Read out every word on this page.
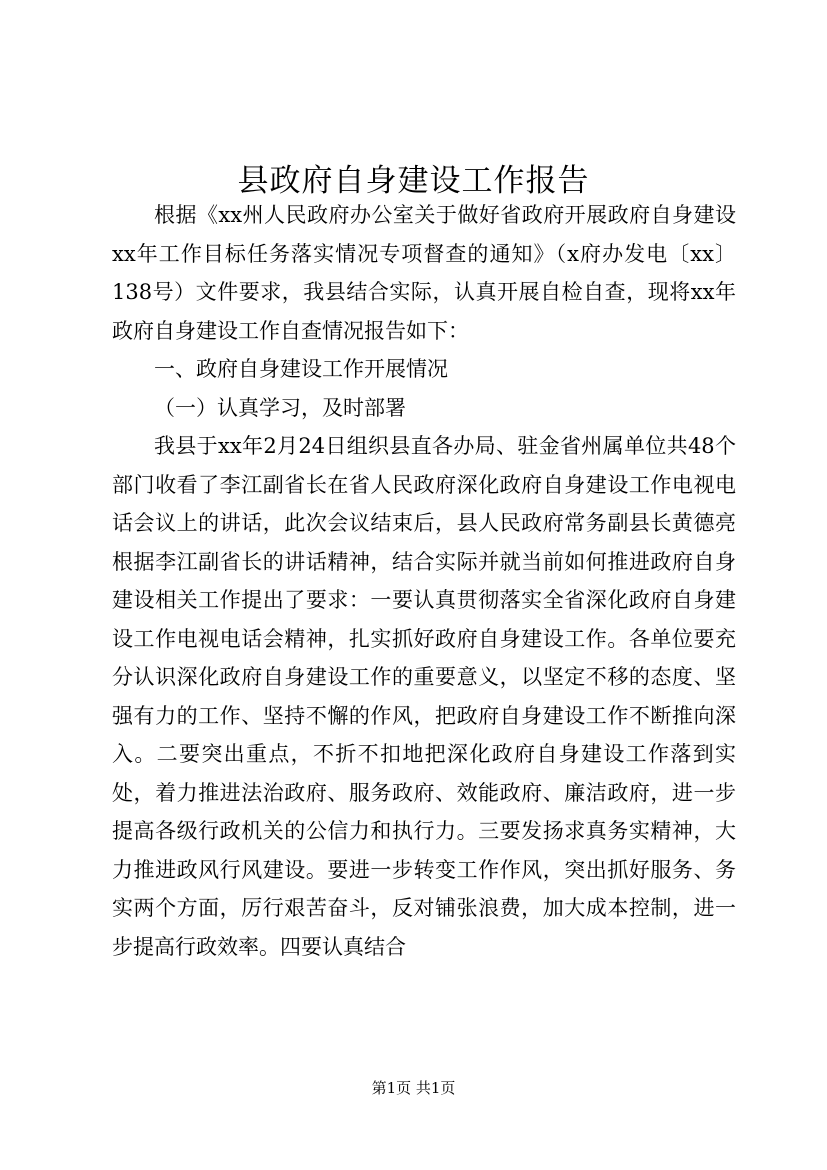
县政府自身建设工作报告

根据《xx州人民政府办公室关于做好省政府开展政府自身建设xx年工作目标任务落实情况专项督查的通知》（x府办发电〔xx〕138号）文件要求，我县结合实际，认真开展自检自查，现将xx年政府自身建设工作自查情况报告如下：

一、政府自身建设工作开展情况

（一）认真学习，及时部署

我县于xx年2月24日组织县直各办局、驻金省州属单位共48个部门收看了李江副省长在省人民政府深化政府自身建设工作电视电话会议上的讲话，此次会议结束后，县人民政府常务副县长黄德亮根据李江副省长的讲话精神，结合实际并就当前如何推进政府自身建设相关工作提出了要求：一要认真贯彻落实全省深化政府自身建设工作电视电话会精神，扎实抓好政府自身建设工作。各单位要充分认识深化政府自身建设工作的重要意义，以坚定不移的态度、坚强有力的工作、坚持不懈的作风，把政府自身建设工作不断推向深入。二要突出重点，不折不扣地把深化政府自身建设工作落到实处，着力推进法治政府、服务政府、效能政府、廉洁政府，进一步提高各级行政机关的公信力和执行力。三要发扬求真务实精神，大力推进政风行风建设。要进一步转变工作作风，突出抓好服务、务实两个方面，厉行艰苦奋斗，反对铺张浪费，加大成本控制，进一步提高行政效率。四要认真结合

第1页 共1页
